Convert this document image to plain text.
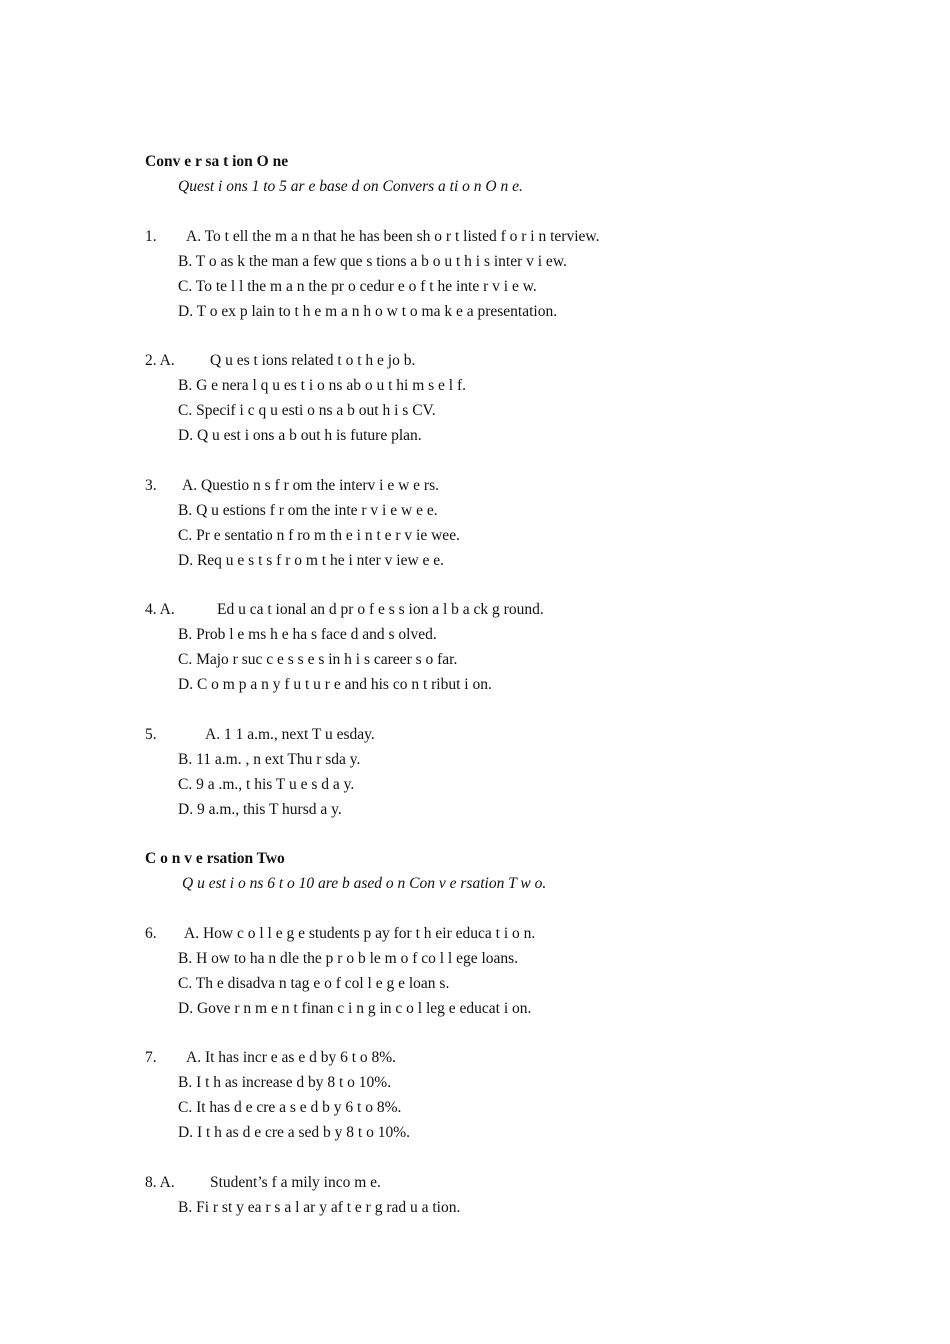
Conv e r sa t ion O ne
Quest i ons 1 to 5 ar e base d on Convers a ti o n O n e.
1. A. To t ell the m a n that he has been sh o r t listed f o r i n terview.
B. T o as k the man a few que s tions a b o u t h i s inter v i ew.
C. To te l l the m a n the pr o cedur e o f t he inte r v i e w.
D. T o ex p lain to t h e m a n h o w t o ma k e a presentation.
2. A. Q u es t ions related t o t h e jo b.
B. G e nera l q u es t i o ns ab o u t hi m s e l f.
C. Specif i c q u esti o ns a b out h i s CV.
D. Q u est i ons a b out h is future plan.
3. A. Questio n s f r om the interv i e w e rs.
B. Q u estions f r om the inte r v i e w e e.
C. Pr e sentatio n f ro m th e i n t e r v ie wee.
D. Req u e s t s f r o m t he i nter v iew e e.
4. A.	Ed u ca t ional an d pr o f e s s ion a l b a ck g round.
B. Prob l e ms h e ha s face d and s olved.
C. Majo r suc c e s s e s in h i s career s o far.
D. C o m p a n y f u t u r e and his co n t ribut i on.
5.	A. 1 1 a.m., next T u esday.
B. 11 a.m. , n ext Thu r sda y.
C. 9 a .m., t his T u e s d a y.
D. 9 a.m., this T hursd a y.
C o n v e rsation Two
Q u est i o ns 6 t o 10 are b ased o n Con v e rsation T w o.
6. A. How c o l l e g e students p ay for t h eir educa t i o n.
B. H ow to ha n dle the p r o b le m o f co l l ege loans.
C. Th e disadva n tag e o f col l e g e loan s.
D. Gove r n m e n t finan c i n g in c o l leg e educat i on.
7. A. It has incr e as e d by 6 t o 8%.
B. I t h as increase d by 8 t o 10%.
C. It has d e cre a s e d b y 6 t o 8%.
D. I t h as d e cre a sed b y 8 t o 10%.
8. A. Student’s f a mily inco m e.
B. Fi r st y ea r s a l ar y af t e r g rad u a tion.
